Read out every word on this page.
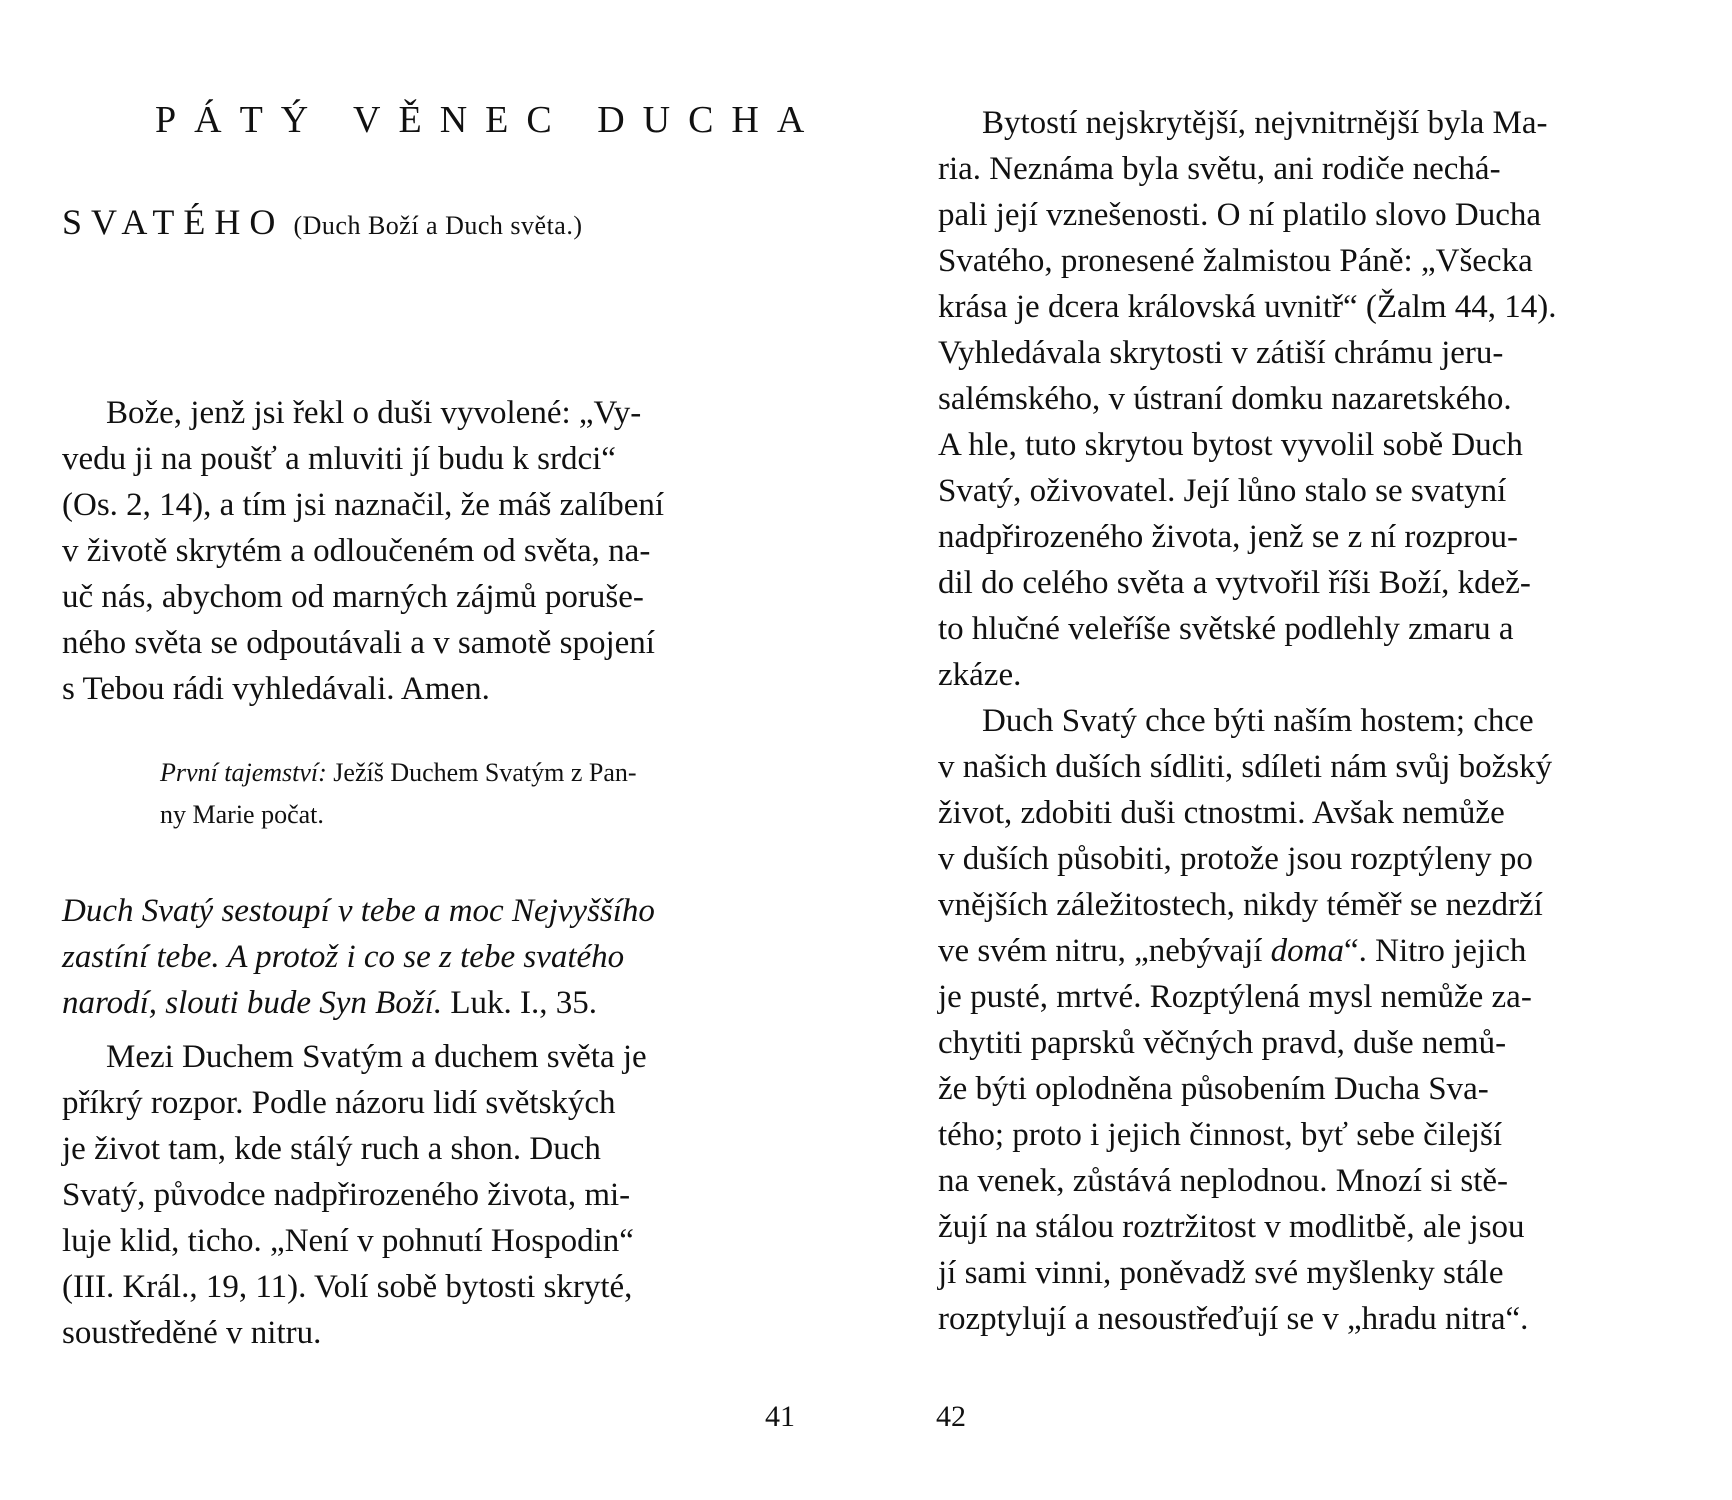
PÁTÝ VĚNEC DUCHA
SVATÉHO (Duch Boží a Duch světa.)

Bože, jenž jsi řekl o duši vyvolené: „Vy-
vedu ji na poušť a mluviti jí budu k srdci“
(Os. 2, 14), a tím jsi naznačil, že máš zalíbení
v životě skrytém a odloučeném od světa, na-
uč nás, abychom od marných zájmů poruše-
ného světa se odpoutávali a v samotě spojení
s Tebou rádi vyhledávali. Amen.

První tajemství: Ježíš Duchem Svatým z Pan-
ny Marie počat.

Duch Svatý sestoupí v tebe a moc Nejvyššího
zastíní tebe. A protož i co se z tebe svatého
narodí, slouti bude Syn Boží. Luk. I., 35.

Mezi Duchem Svatým a duchem světa je
příkrý rozpor. Podle názoru lidí světských
je život tam, kde stálý ruch a shon. Duch
Svatý, původce nadpřirozeného života, mi-
luje klid, ticho. „Není v pohnutí Hospodin“
(III. Král., 19, 11). Volí sobě bytosti skryté,
soustředěné v nitru.

41

Bytostí nejskrytější, nejvnitrnější byla Ma-
ria. Neznáma byla světu, ani rodiče nechá-
pali její vznešenosti. O ní platilo slovo Ducha
Svatého, pronesené žalmistou Páně: „Všecka
krása je dcera královská uvnitř“ (Žalm 44, 14).
Vyhledávala skrytosti v zátiší chrámu jeru-
salémského, v ústraní domku nazaretského.
A hle, tuto skrytou bytost vyvolil sobě Duch
Svatý, oživovatel. Její lůno stalo se svatyní
nadpřirozeného života, jenž se z ní rozprou-
dil do celého světa a vytvořil říši Boží, kdež-
to hlučné veleříše světské podlehly zmaru a
zkáze.

Duch Svatý chce býti naším hostem; chce
v našich duších sídliti, sdíleti nám svůj božský
život, zdobiti duši ctnostmi. Avšak nemůže
v duších působiti, protože jsou rozptýleny po
vnějších záležitostech, nikdy téměř se nezdrží
ve svém nitru, „nebývají doma“. Nitro jejich
je pusté, mrtvé. Rozptýlená mysl nemůže za-
chytiti paprsků věčných pravd, duše nemů-
že býti oplodněna působením Ducha Sva-
tého; proto i jejich činnost, byť sebe čilejší
na venek, zůstává neplodnou. Mnozí si stě-
žují na stálou roztržitost v modlitbě, ale jsou
jí sami vinni, poněvadž své myšlenky stále
rozptylují a nesoustřeďují se v „hradu nitra“.

42
